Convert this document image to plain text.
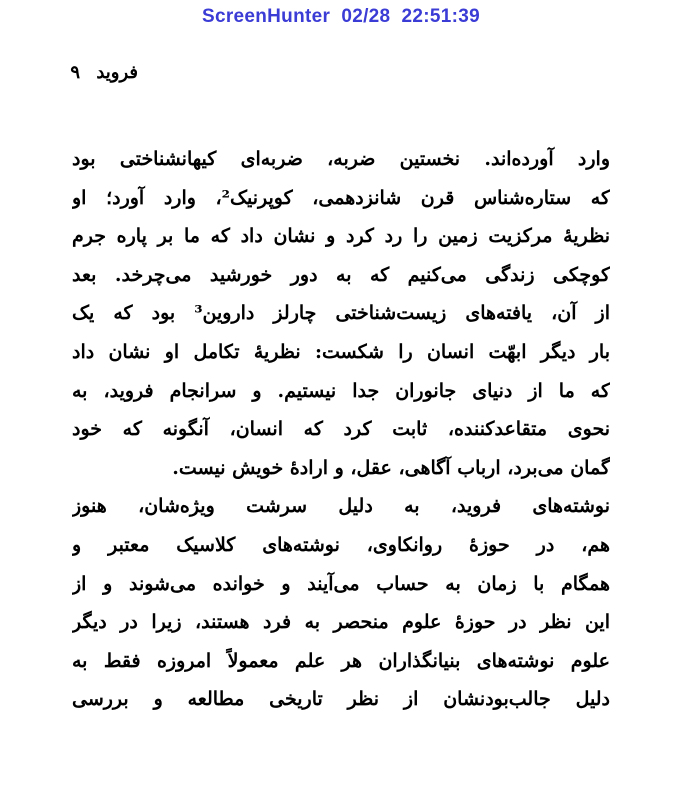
ScreenHunter  02/28  22:51:39
فروید ۹
وارد آورده‌اند. نخستین ضربه، ضربه‌ای کیهانشناختی بود
که ستاره‌شناس قرن شانزدهمی، کوپرنیک²، وارد آورد؛ او
نظریهٔ مرکزیت زمین را رد کرد و نشان داد که ما بر پاره جرم
کوچکی زندگی می‌کنیم که به دور خورشید می‌چرخد. بعد
از آن، یافته‌های زیست‌شناختی چارلز داروین³ بود که یک
بار دیگر ابهّت انسان را شکست: نظریهٔ تکامل او نشان داد
که ما از دنیای جانوران جدا نیستیم. و سرانجام فروید، به
نحوی متقاعدکننده، ثابت کرد که انسان، آنگونه که خود
گمان می‌برد، ارباب آگاهی، عقل، و ارادهٔ خویش نیست.
نوشته‌های فروید، به دلیل سرشت ویژه‌شان، هنوز
هم، در حوزهٔ روانکاوی، نوشته‌های کلاسیک معتبر و
همگام با زمان به حساب می‌آیند و خوانده می‌شوند و از
این نظر در حوزهٔ علوم منحصر به فرد هستند، زیرا در دیگر
علوم نوشته‌های بنیانگذاران هر علم معمولاً امروزه فقط به
دلیل جالب‌بودنشان از نظر تاریخی مطالعه و بررسی
